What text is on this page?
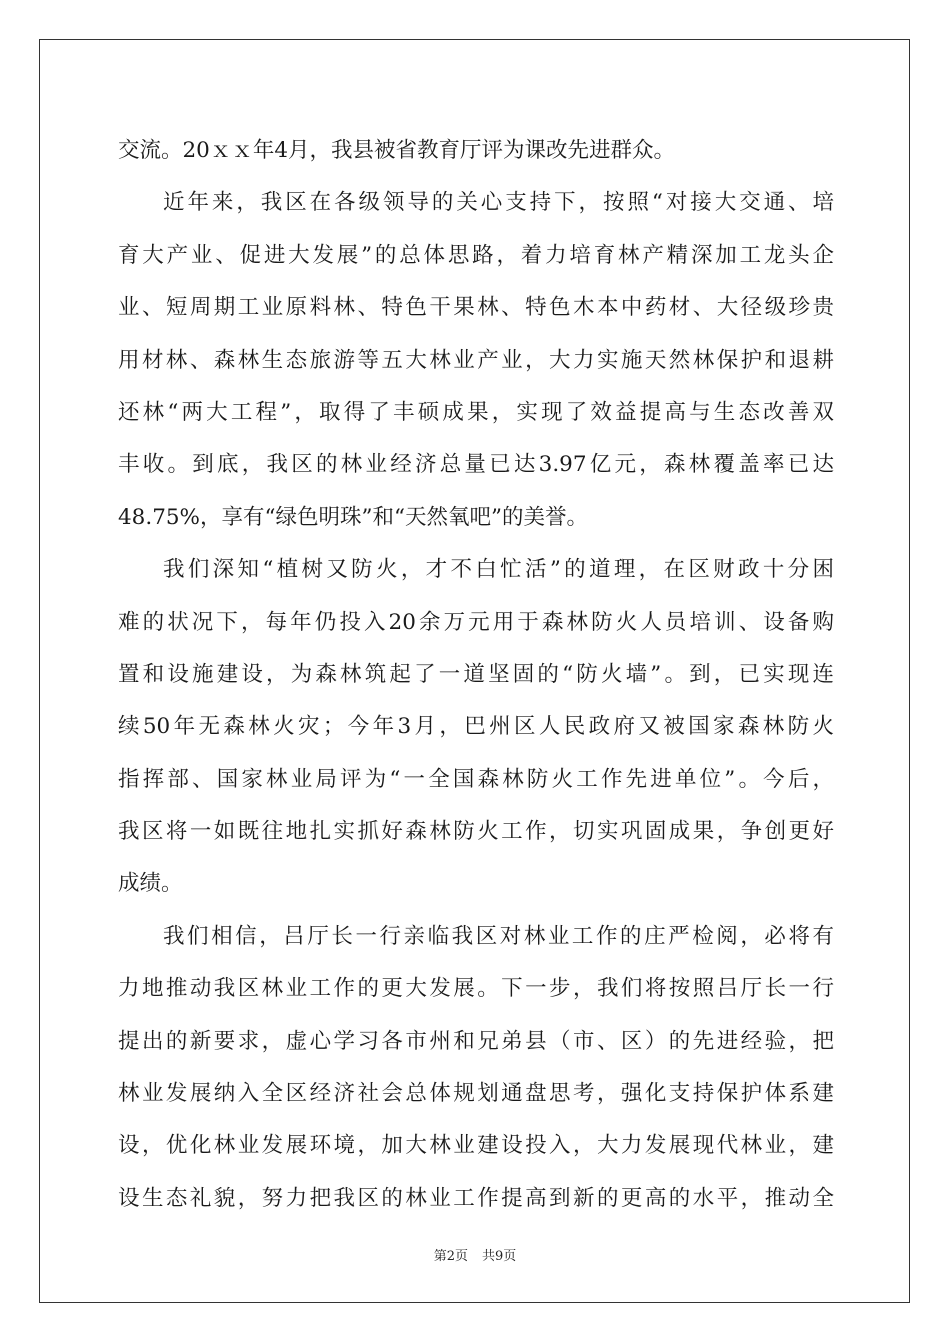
交流。20ｘｘ年4月，我县被省教育厅评为课改先进群众。
近年来，我区在各级领导的关心支持下，按照“对接大交通、培
育大产业、促进大发展”的总体思路，着力培育林产精深加工龙头企
业、短周期工业原料林、特色干果林、特色木本中药材、大径级珍贵
用材林、森林生态旅游等五大林业产业，大力实施天然林保护和退耕
还林“两大工程”，取得了丰硕成果，实现了效益提高与生态改善双
丰收。到底，我区的林业经济总量已达3.97亿元，森林覆盖率已达
48.75%，享有“绿色明珠”和“天然氧吧”的美誉。
我们深知“植树又防火，才不白忙活”的道理，在区财政十分困
难的状况下，每年仍投入20余万元用于森林防火人员培训、设备购
置和设施建设，为森林筑起了一道坚固的“防火墙”。到，已实现连
续50年无森林火灾；今年3月，巴州区人民政府又被国家森林防火
指挥部、国家林业局评为“一全国森林防火工作先进单位”。今后，
我区将一如既往地扎实抓好森林防火工作，切实巩固成果，争创更好
成绩。
我们相信，吕厅长一行亲临我区对林业工作的庄严检阅，必将有
力地推动我区林业工作的更大发展。下一步，我们将按照吕厅长一行
提出的新要求，虚心学习各市州和兄弟县（市、区）的先进经验，把
林业发展纳入全区经济社会总体规划通盘思考，强化支持保护体系建
设，优化林业发展环境，加大林业建设投入，大力发展现代林业，建
设生态礼貌，努力把我区的林业工作提高到新的更高的水平，推动全
第2页 共9页
